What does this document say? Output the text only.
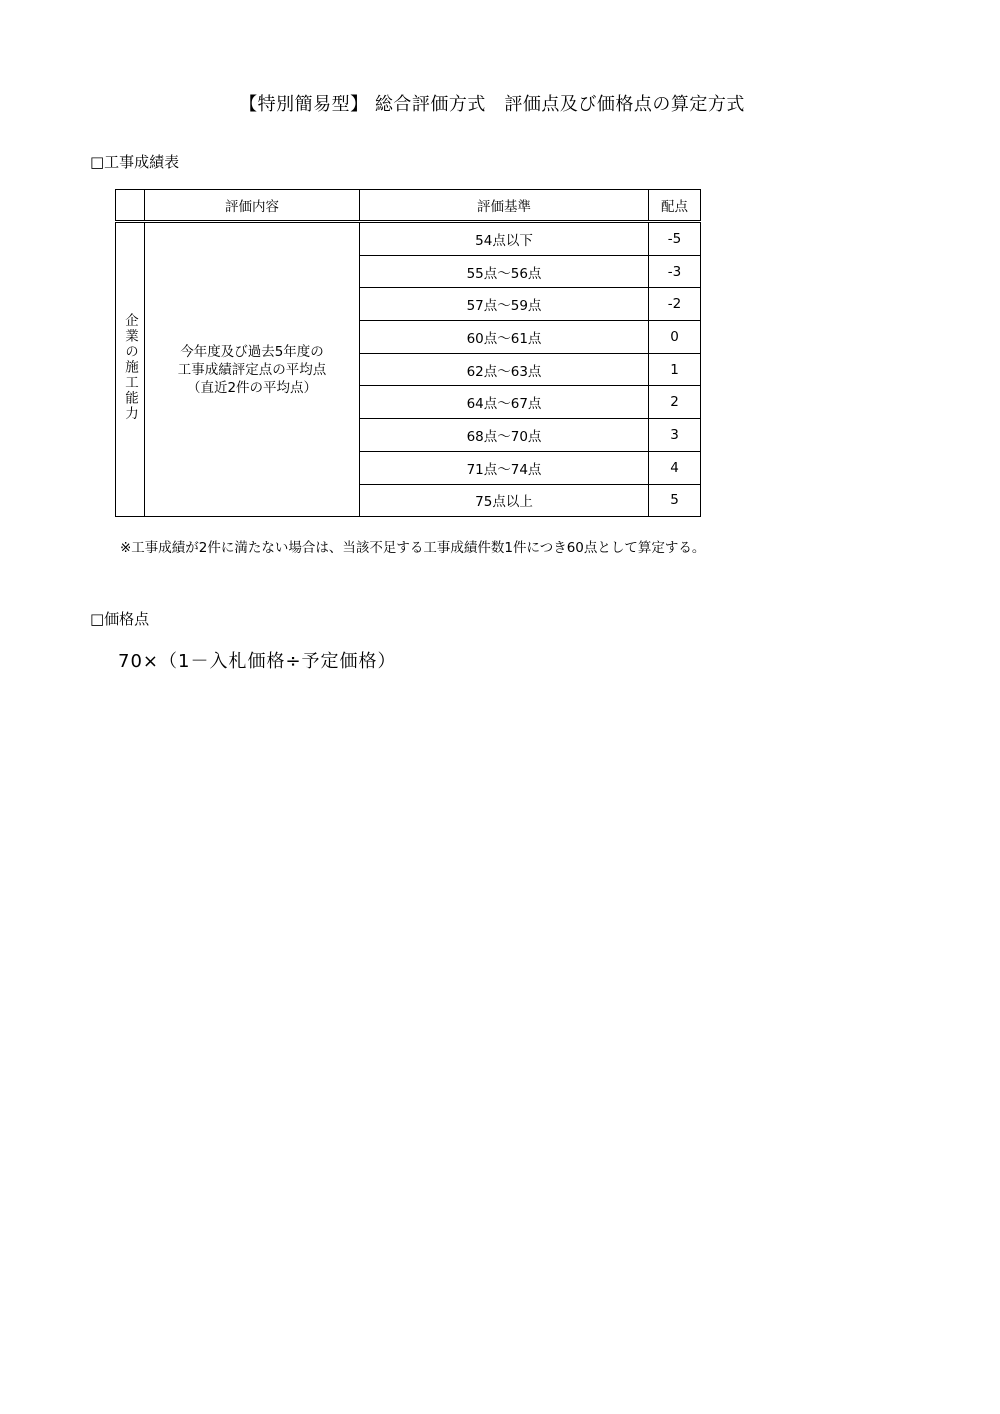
【特別簡易型】 総合評価方式　評価点及び価格点の算定方式
□工事成績表
	評価内容	評価基準	配点
企業の施工能力	今年度及び過去5年度の
工事成績評定点の平均点
（直近2件の平均点）	54点以下	-5
		55点～56点	-3
		57点～59点	-2
		60点～61点	0
		62点～63点	1
		64点～67点	2
		68点～70点	3
		71点～74点	4
		75点以上	5
※工事成績が2件に満たない場合は、当該不足する工事成績件数1件につき60点として算定する。
□価格点
70×（1－入札価格÷予定価格）
